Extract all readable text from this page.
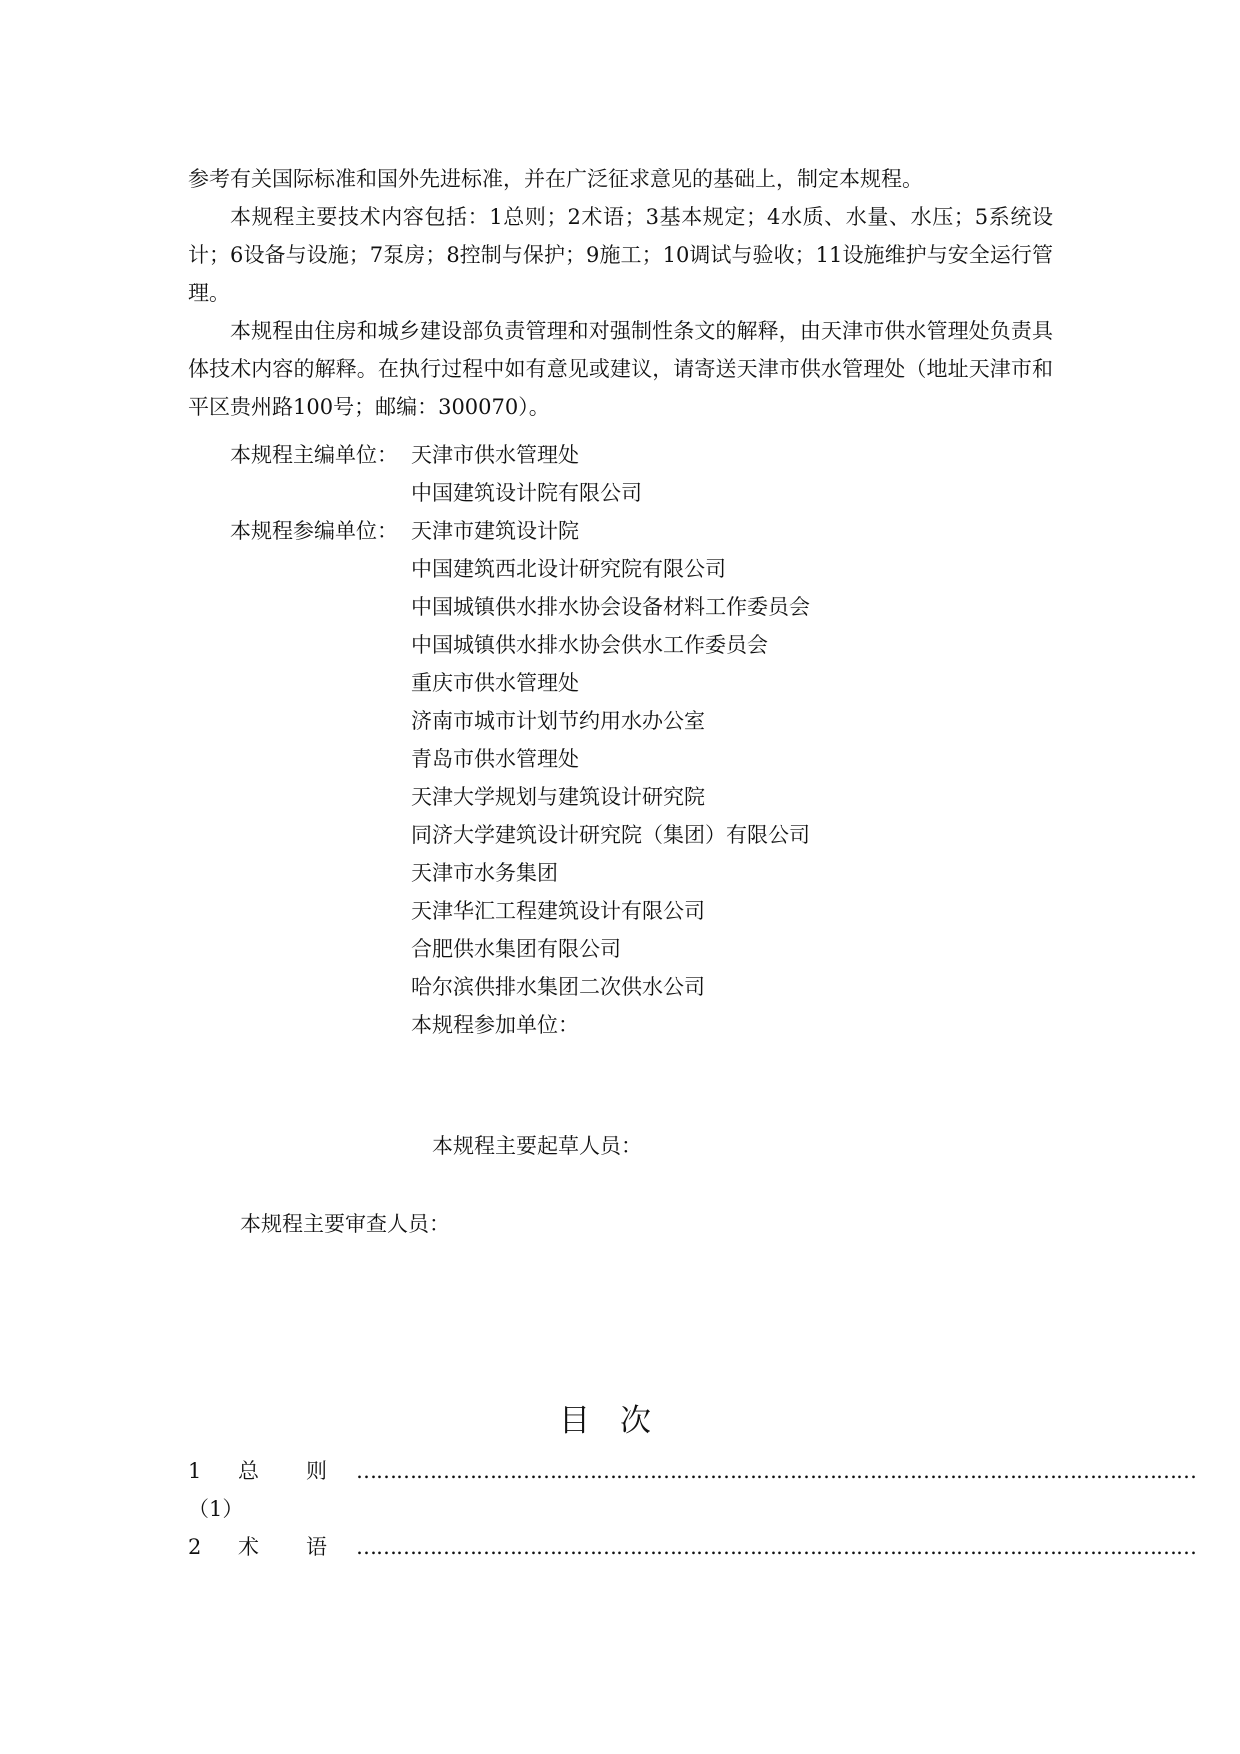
参考有关国际标准和国外先进标准，并在广泛征求意见的基础上，制定本规程。
本规程主要技术内容包括：1总则；2术语；3基本规定；4水质、水量、水压；5系统设计；6设备与设施；7泵房；8控制与保护；9施工；10调试与验收；11设施维护与安全运行管理。
本规程由住房和城乡建设部负责管理和对强制性条文的解释，由天津市供水管理处负责具体技术内容的解释。在执行过程中如有意见或建议，请寄送天津市供水管理处（地址天津市和平区贵州路100号；邮编：300070）。
本规程主编单位： 天津市供水管理处
中国建筑设计院有限公司
本规程参编单位： 天津市建筑设计院
中国建筑西北设计研究院有限公司
中国城镇供水排水协会设备材料工作委员会
中国城镇供水排水协会供水工作委员会
重庆市供水管理处
济南市城市计划节约用水办公室
青岛市供水管理处
天津大学规划与建筑设计研究院
同济大学建筑设计研究院（集团）有限公司
天津市水务集团
天津华汇工程建筑设计有限公司
合肥供水集团有限公司
哈尔滨供排水集团二次供水公司
本规程参加单位：
本规程主要起草人员：
本规程主要审查人员：
目次
1 总 则 ………………………………………………………………………………………………………………
（1）
2 术 语 ………………………………………………………………………………………………………………
